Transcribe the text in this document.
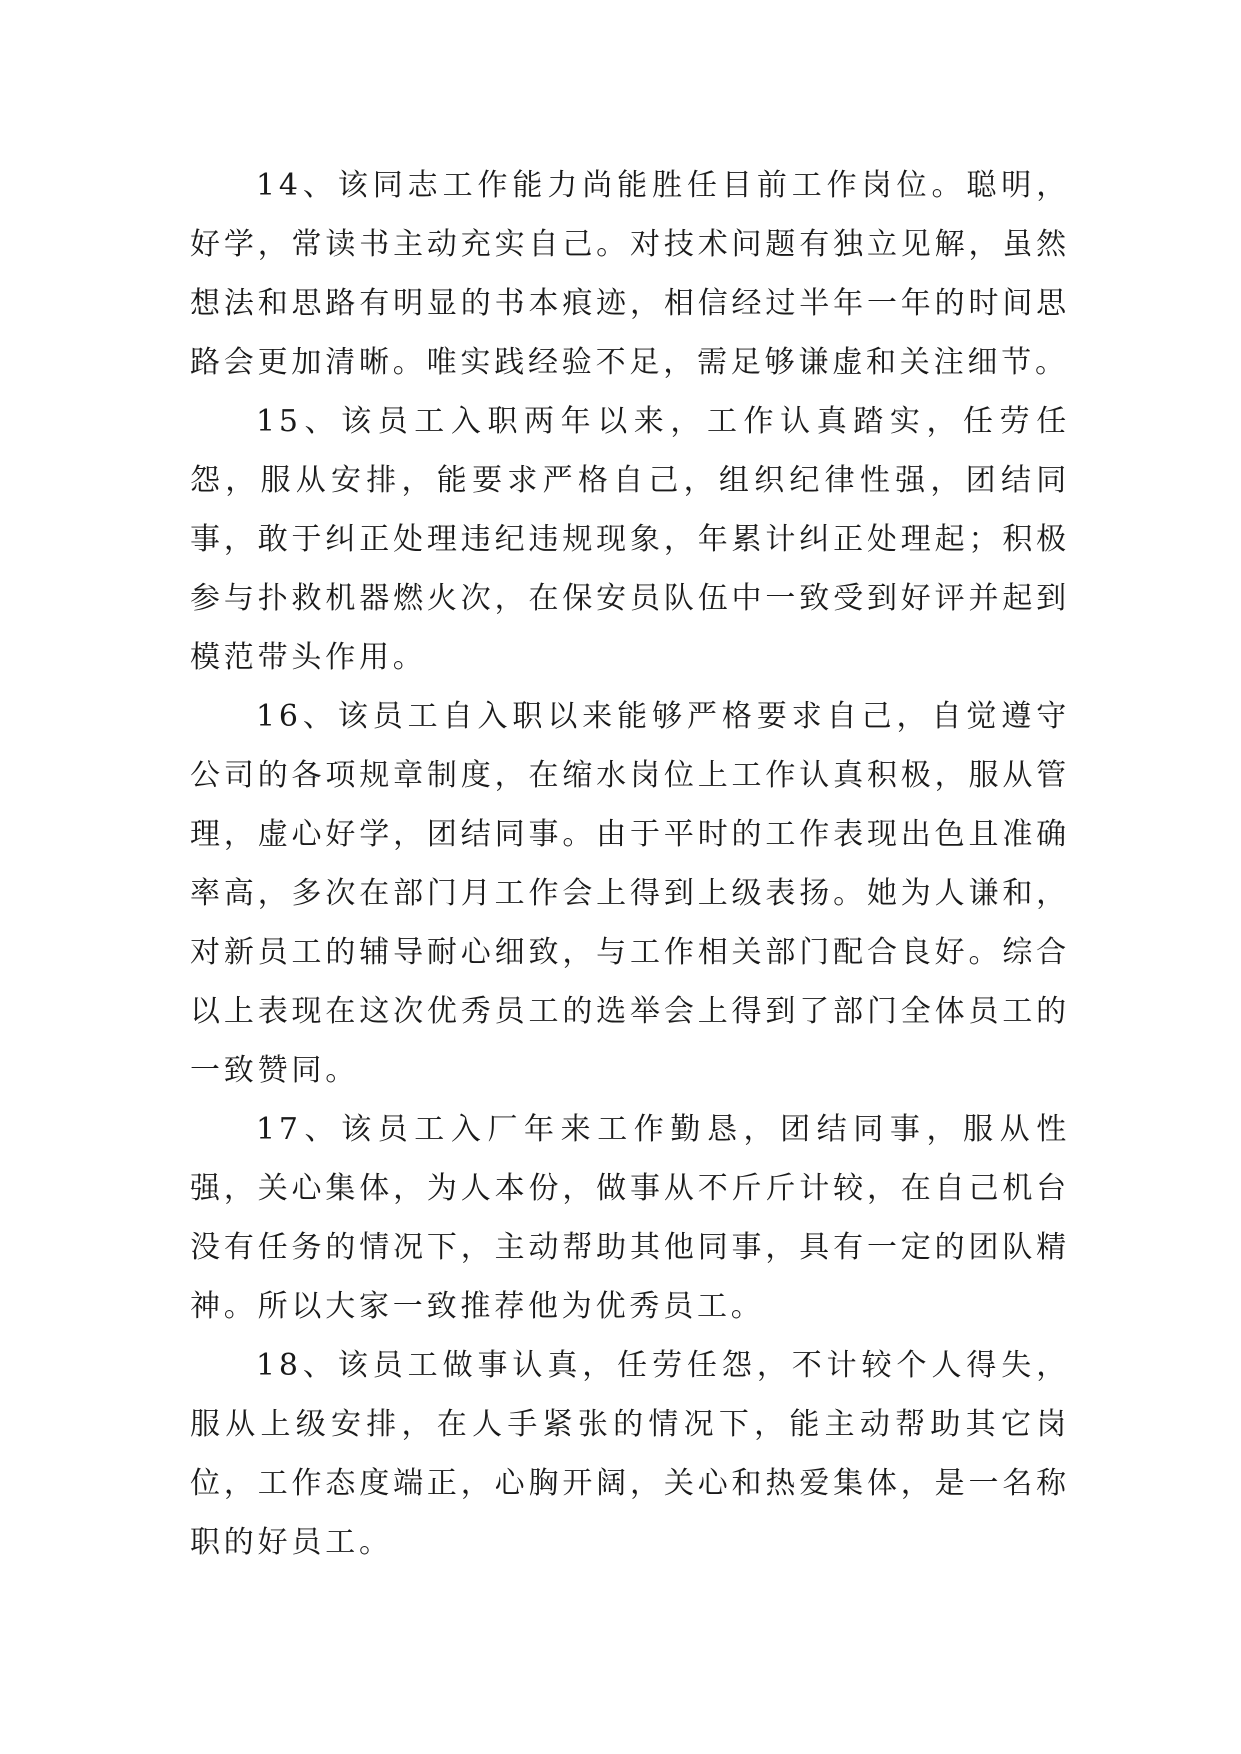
14、该同志工作能力尚能胜任目前工作岗位。聪明，好学，常读书主动充实自己。对技术问题有独立见解，虽然想法和思路有明显的书本痕迹，相信经过半年一年的时间思路会更加清晰。唯实践经验不足，需足够谦虚和关注细节。

15、该员工入职两年以来，工作认真踏实，任劳任怨，服从安排，能要求严格自己，组织纪律性强，团结同事，敢于纠正处理违纪违规现象，年累计纠正处理起；积极参与扑救机器燃火次，在保安员队伍中一致受到好评并起到模范带头作用。

16、该员工自入职以来能够严格要求自己，自觉遵守公司的各项规章制度，在缩水岗位上工作认真积极，服从管理，虚心好学，团结同事。由于平时的工作表现出色且准确率高，多次在部门月工作会上得到上级表扬。她为人谦和，对新员工的辅导耐心细致，与工作相关部门配合良好。综合以上表现在这次优秀员工的选举会上得到了部门全体员工的一致赞同。

17、该员工入厂年来工作勤恳，团结同事，服从性强，关心集体，为人本份，做事从不斤斤计较，在自己机台没有任务的情况下，主动帮助其他同事，具有一定的团队精神。所以大家一致推荐他为优秀员工。

18、该员工做事认真，任劳任怨，不计较个人得失，服从上级安排，在人手紧张的情况下，能主动帮助其它岗位，工作态度端正，心胸开阔，关心和热爱集体，是一名称职的好员工。
